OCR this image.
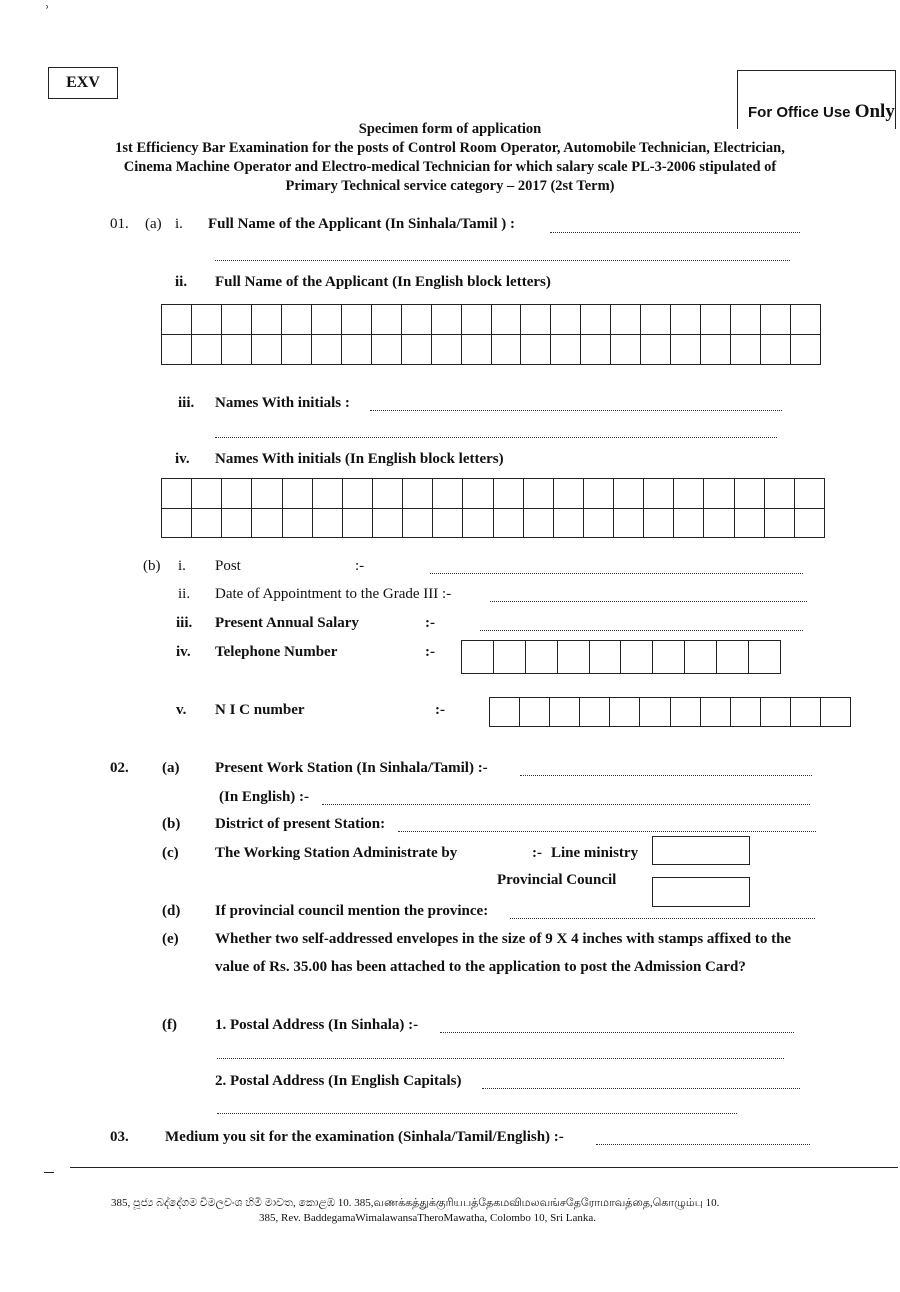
ʾ
EXV
For Office Use Only
Specimen form of application
1st Efficiency Bar Examination for the posts of Control Room Operator, Automobile Technician, Electrician,
Cinema Machine Operator and Electro-medical Technician for which salary scale PL-3-2006 stipulated of
Primary Technical service category – 2017 (2st Term)
01. (a) i. Full Name of the Applicant (In Sinhala/Tamil ) :
ii. Full Name of the Applicant (In English block letters)
iii. Names With initials :
iv. Names With initials (In English block letters)
(b) i. Post	:-
ii. Date of Appointment to the Grade III :-
iii. Present Annual Salary	:-
iv. Telephone Number	:-
v. N I C number	:-
02. (a) Present Work Station (In Sinhala/Tamil) :-
(In English) :-
(b) District of present Station:
(c) The Working Station Administrate by	:- Line ministry
Provincial Council
(d) If provincial council mention the province:
(e) Whether two self-addressed envelopes in the size of 9 X 4 inches with stamps affixed to the
value of Rs. 35.00 has been attached to the application to post the Admission Card?
(f)	1. Postal Address (In Sinhala) :-
2. Postal Address (In English Capitals)
03. Medium you sit for the examination (Sinhala/Tamil/English) :-
385, පූජ්‍ය බද්දේගම විමලවංශ හිමි මාවත, කොළඹ 10. 385,வணக்கத்துக்குரியபத்தேகமவிமலவங்சதேரோமாவத்தை,கொழும்பு 10.
385, Rev. BaddegamaWimalawansaTheroMawatha, Colombo 10, Sri Lanka.
